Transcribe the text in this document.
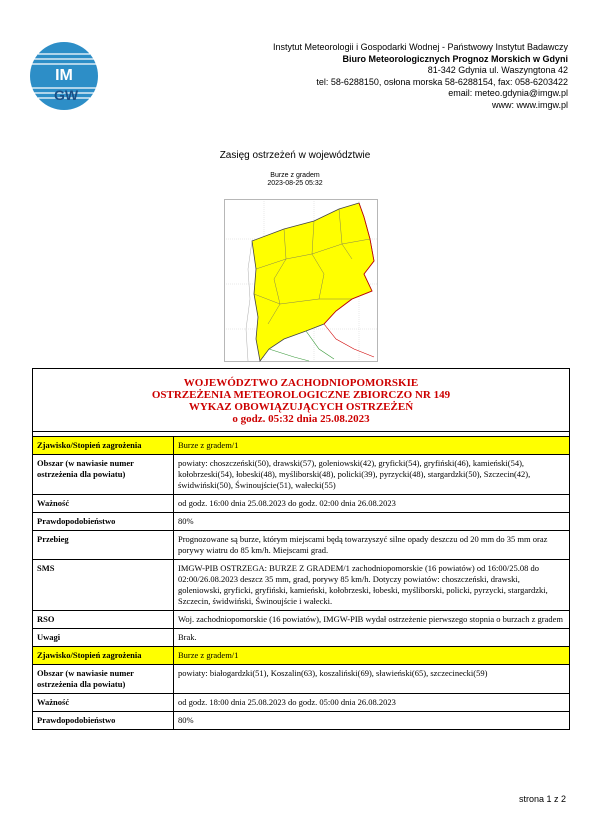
IM
GW
Instytut Meteorologii i Gospodarki Wodnej - Państwowy Instytut Badawczy
Biuro Meteorologicznych Prognoz Morskich w Gdyni
81-342 Gdynia ul. Waszyngtona 42
tel: 58-6288150, osłona morska 58-6288154, fax: 058-6203422
email: meteo.gdynia@imgw.pl
www: www.imgw.pl
Zasięg ostrzeżeń w województwie
Burze z gradem
2023-08-25 05:32
WOJEWÓDZTWO ZACHODNIOPOMORSKIE
OSTRZEŻENIA METEOROLOGICZNE ZBIORCZO NR 149
WYKAZ OBOWIĄZUJĄCYCH OSTRZEŻEŃ
o godz. 05:32 dnia 25.08.2023
Zjawisko/Stopień zagrożenia	Burze z gradem/1
Obszar (w nawiasie numer ostrzeżenia dla powiatu)	powiaty: choszczeński(50), drawski(57), goleniowski(42), gryficki(54), gryfiński(46), kamieński(54), kołobrzeski(54), łobeski(48), myśliborski(48), policki(39), pyrzycki(48), stargardzki(50), Szczecin(42), świdwiński(50), Świnoujście(51), wałecki(55)
Ważność	od godz. 16:00 dnia 25.08.2023 do godz. 02:00 dnia 26.08.2023
Prawdopodobieństwo	80%
Przebieg	Prognozowane są burze, którym miejscami będą towarzyszyć silne opady deszczu od 20 mm do 35 mm oraz porywy wiatru do 85 km/h. Miejscami grad.
SMS	IMGW-PIB OSTRZEGA: BURZE Z GRADEM/1 zachodniopomorskie (16 powiatów) od 16:00/25.08 do 02:00/26.08.2023 deszcz 35 mm, grad, porywy 85 km/h. Dotyczy powiatów: choszczeński, drawski, goleniowski, gryficki, gryfiński, kamieński, kołobrzeski, łobeski, myśliborski, policki, pyrzycki, stargardzki, Szczecin, świdwiński, Świnoujście i wałecki.
RSO	Woj. zachodniopomorskie (16 powiatów), IMGW-PIB wydał ostrzeżenie pierwszego stopnia o burzach z gradem
Uwagi	Brak.
Zjawisko/Stopień zagrożenia	Burze z gradem/1
Obszar (w nawiasie numer ostrzeżenia dla powiatu)	powiaty: białogardzki(51), Koszalin(63), koszaliński(69), sławieński(65), szczecinecki(59)
Ważność	od godz. 18:00 dnia 25.08.2023 do godz. 05:00 dnia 26.08.2023
Prawdopodobieństwo	80%
strona 1 z 2
